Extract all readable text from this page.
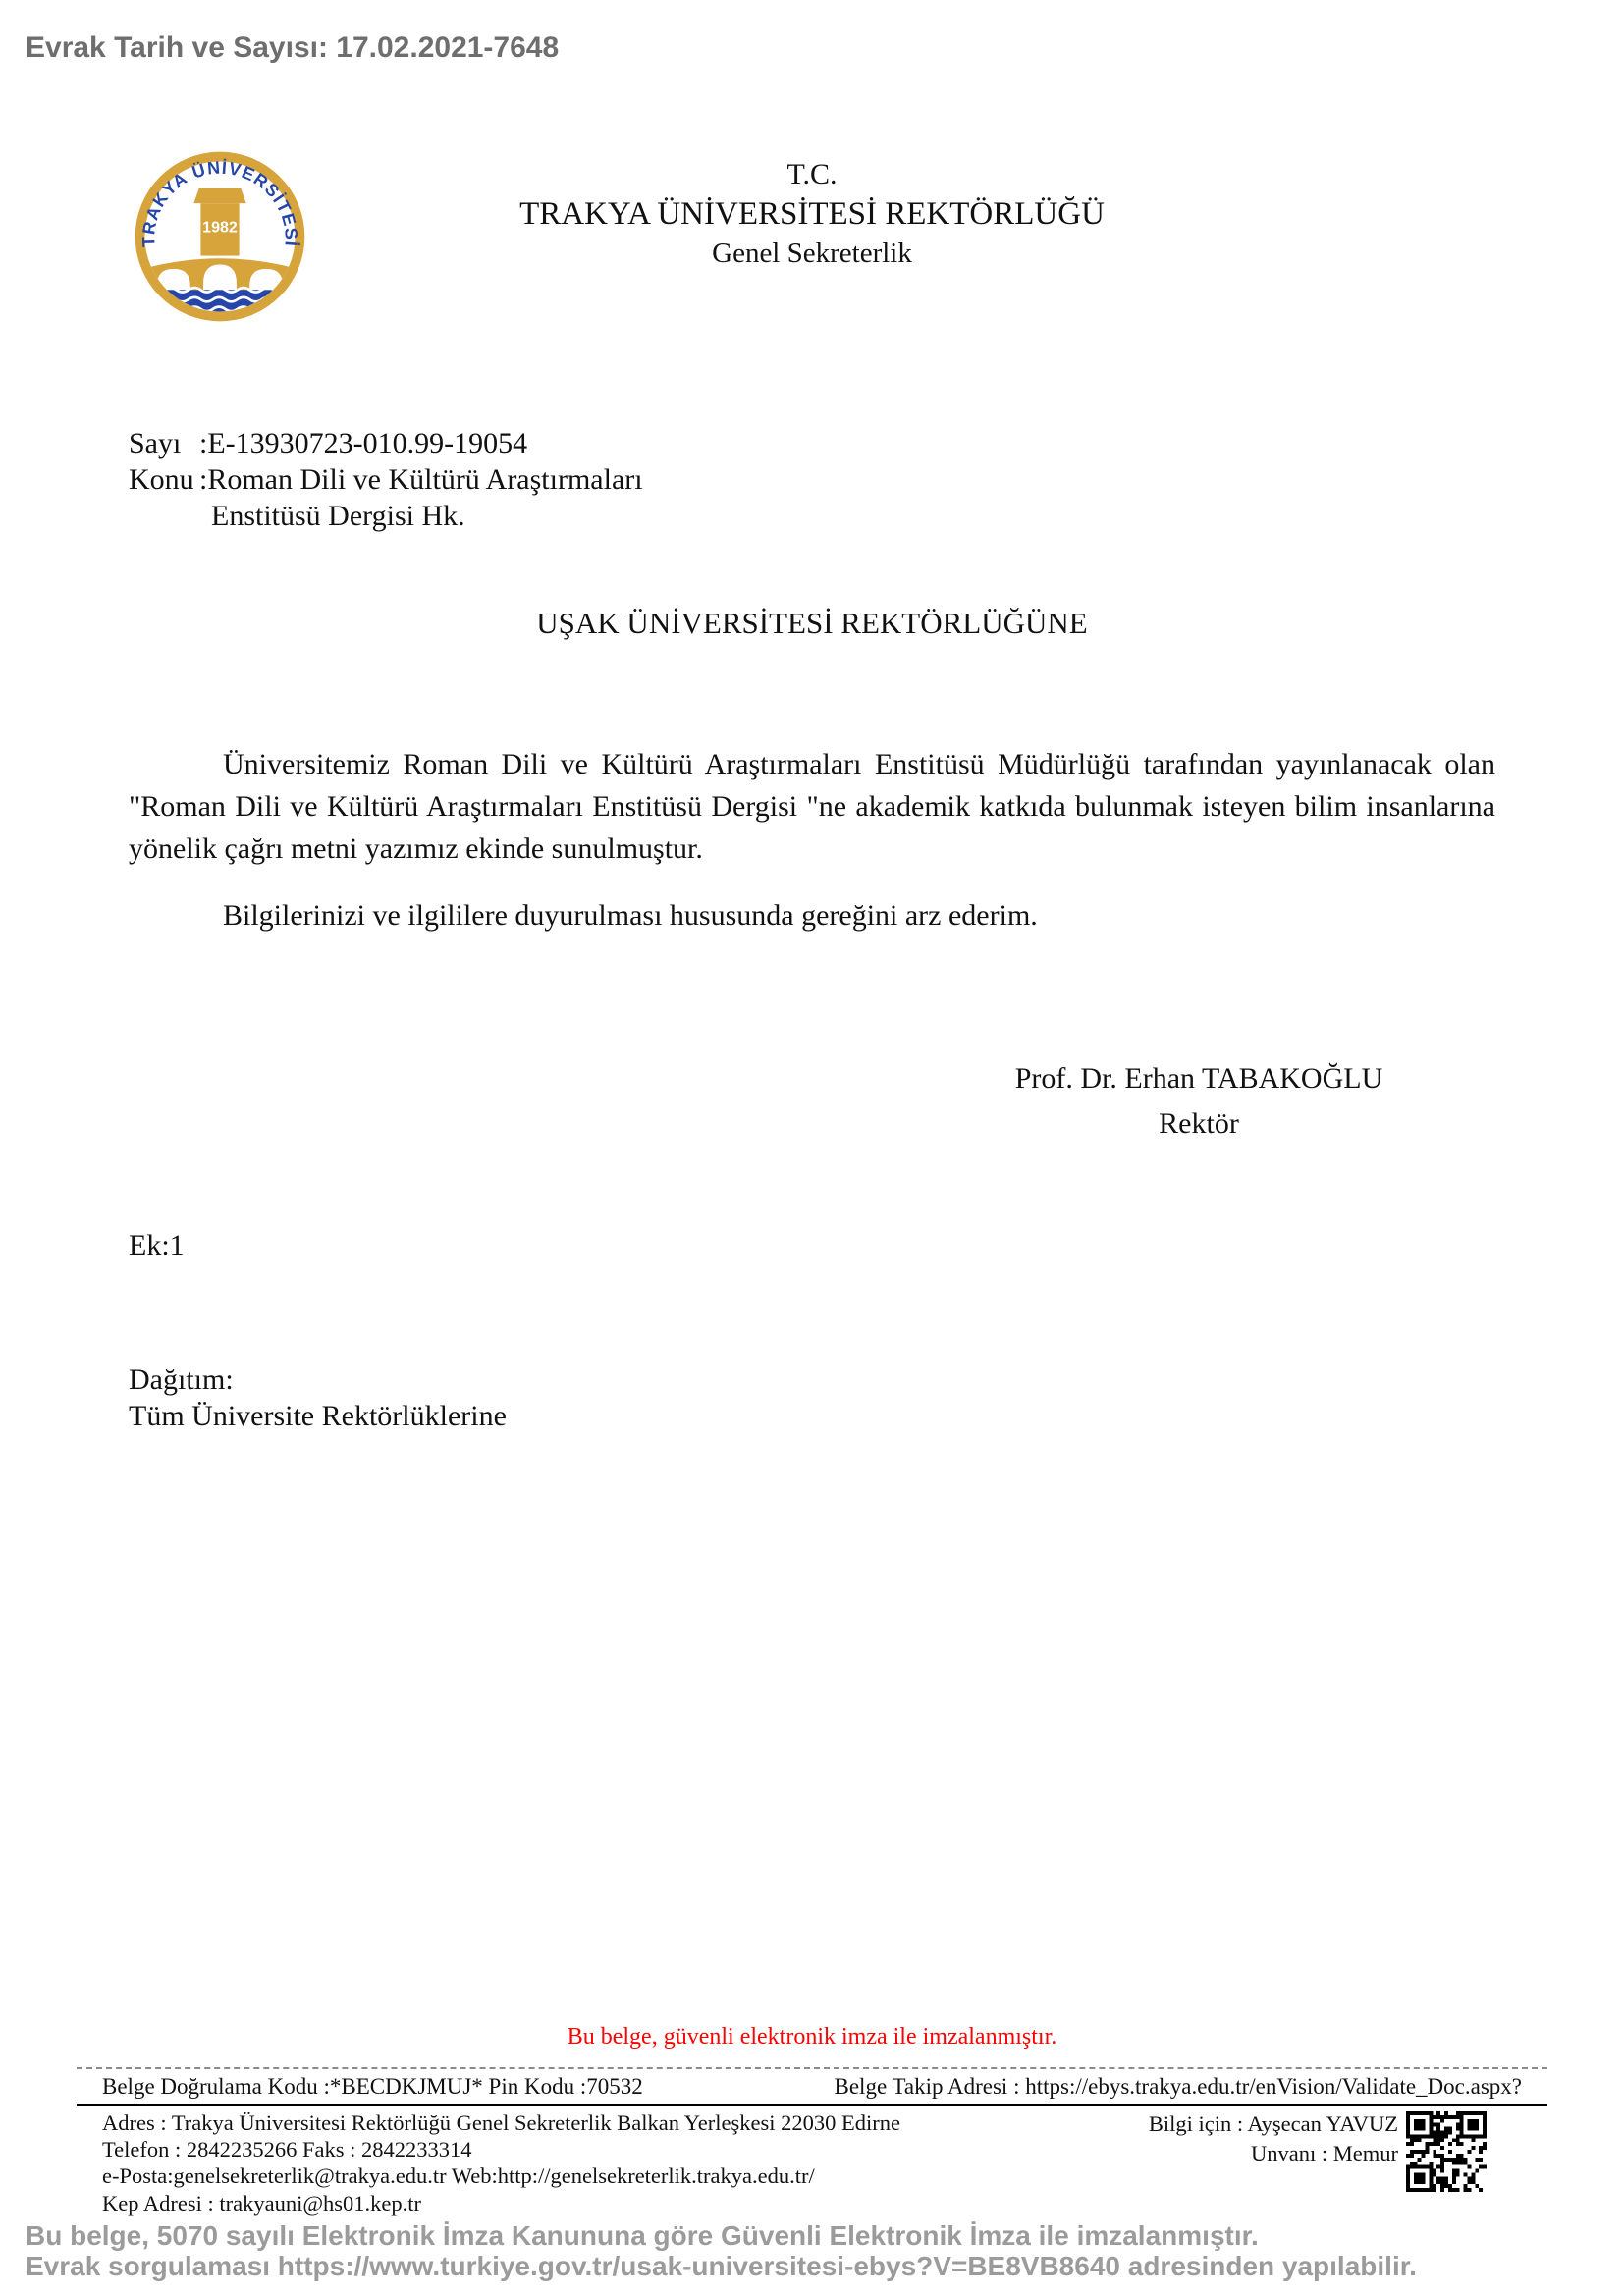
Evrak Tarih ve Sayısı: 17.02.2021-7648
1982
TRAKYA ÜNİVERSİTESİ
T.C.
TRAKYA ÜNİVERSİTESİ REKTÖRLÜĞÜ
Genel Sekreterlik
Sayı :E-13930723-010.99-19054
Konu :Roman Dili ve Kültürü Araştırmaları
Enstitüsü Dergisi Hk.
UŞAK ÜNİVERSİTESİ REKTÖRLÜĞÜNE
Üniversitemiz Roman Dili ve Kültürü Araştırmaları Enstitüsü Müdürlüğü tarafından yayınlanacak olan "Roman Dili ve Kültürü Araştırmaları Enstitüsü Dergisi "ne akademik katkıda bulunmak isteyen bilim insanlarına yönelik çağrı metni yazımız ekinde sunulmuştur.
Bilgilerinizi ve ilgililere duyurulması hususunda gereğini arz ederim.
Prof. Dr. Erhan TABAKOĞLU
Rektör
Ek:1
Dağıtım:
Tüm Üniversite Rektörlüklerine
Bu belge, güvenli elektronik imza ile imzalanmıştır.
Belge Doğrulama Kodu :*BECDKJMUJ* Pin Kodu :70532	Belge Takip Adresi : https://ebys.trakya.edu.tr/enVision/Validate_Doc.aspx?
Adres : Trakya Üniversitesi Rektörlüğü Genel Sekreterlik Balkan Yerleşkesi 22030 Edirne
Telefon : 2842235266 Faks : 2842233314
e-Posta:genelsekreterlik@trakya.edu.tr Web:http://genelsekreterlik.trakya.edu.tr/
Kep Adresi : trakyauni@hs01.kep.tr
Bilgi için : Ayşecan YAVUZ
Unvanı : Memur
Bu belge, 5070 sayılı Elektronik İmza Kanununa göre Güvenli Elektronik İmza ile imzalanmıştır.
Evrak sorgulaması https://www.turkiye.gov.tr/usak-universitesi-ebys?V=BE8VB8640 adresinden yapılabilir.
